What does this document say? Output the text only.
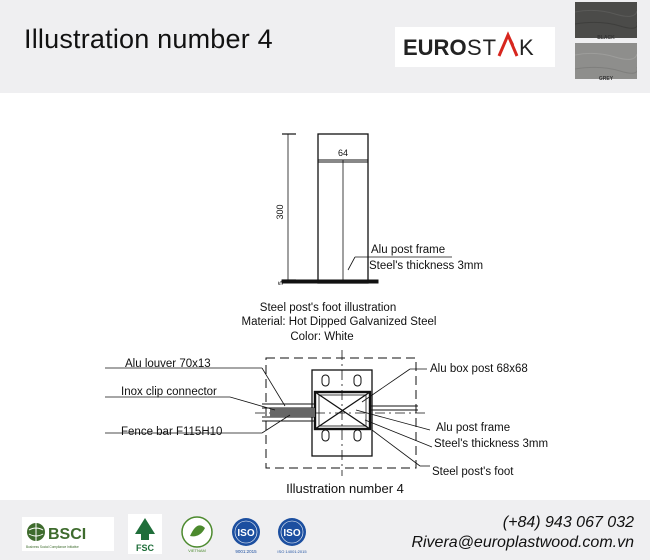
Illustration number 4	EURO ST K	BLACK
GREY
64
300
5
Alu post frame
Steel's thickness 3mm
Steel post's foot illustration
Material: Hot Dipped Galvanized Steel
Color: White
Alu louver 70x13
Inox clip connector
Fence bar F115H10
Alu box post 68x68
Alu post frame
Steel's thickness 3mm
Steel post's foot
Illustration number 4
BSCI
Business Social Compliance Initiative	FSC	VIETNAM
ISO
9001:2015
ISO
ISO 14001:2015
(+84) 943 067 032
Rivera@europlastwood.com.vn
